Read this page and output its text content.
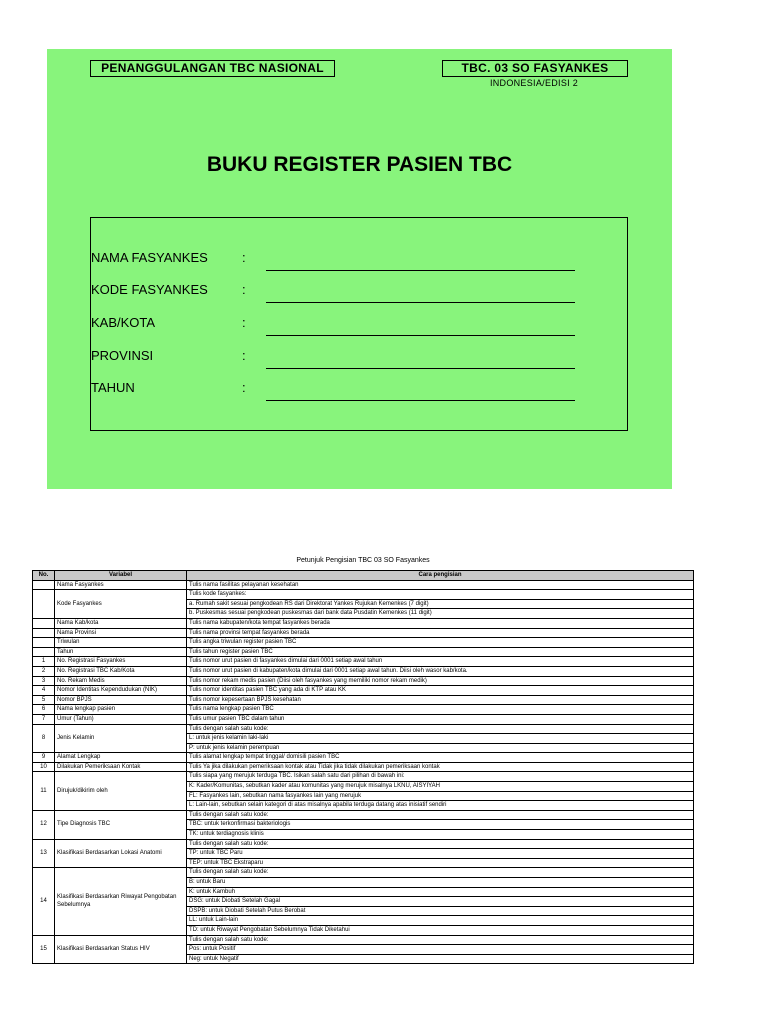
PENANGGULANGAN TBC NASIONAL	TBC. 03 SO FASYANKES
INDONESIA/EDISI 2
BUKU REGISTER PASIEN TBC
NAMA FASYANKES	:
KODE FASYANKES	:
KAB/KOTA	:
PROVINSI	:
TAHUN	:
Petunjuk Pengisian TBC 03 SO Fasyankes
No.	Variabel	Cara pengisian
	Nama Fasyankes	Tulis nama fasilitas pelayanan kesehatan
	Kode Fasyankes	Tulis kode fasyankes:
		a. Rumah sakit sesuai pengkodean RS dari Direktorat Yankes Rujukan Kemenkes (7 digit)
		b. Puskesmas sesuai pengkodean puskesmas dari bank data Pusdatin Kemenkes (11 digit)
	Nama Kab/kota	Tulis nama kabupaten/kota tempat fasyankes berada
	Nama Provinsi	Tulis nama provinsi tempat fasyankes berada
	Triwulan	Tulis angka triwulan register pasien TBC
	Tahun	Tulis tahun register pasien TBC
1	No. Registrasi Fasyankes	Tulis nomor urut pasien di fasyankes dimulai dari 0001 setiap awal tahun
2	No. Registrasi TBC Kab/Kota	Tulis nomor urut pasien di kabupaten/kota dimulai dari 0001 setiap awal tahun. Diisi oleh wasor kab/kota.
3	No. Rekam Medis	Tulis nomor rekam medis pasien (Diisi oleh fasyankes yang memiliki nomor rekam medik)
4	Nomor Identitas Kependudukan (NIK)	Tulis nomor identitas pasien TBC yang ada di KTP atau KK
5	Nomor BPJS	Tulis nomor kepesertaan BPJS kesehatan
6	Nama lengkap pasien	Tulis nama lengkap pasien TBC
7	Umur (Tahun)	Tulis umur pasien TBC dalam tahun
8	Jenis Kelamin	Tulis dengan salah satu kode:
		L: untuk jenis kelamin laki-laki
		P: untuk jenis kelamin perempuan
9	Alamat Lengkap	Tulis alamat lengkap tempat tinggal/ domisili pasien TBC
10	Dilakukan Pemeriksaan Kontak	Tulis Ya jika dilakukan pemeriksaan kontak atau Tidak jika tidak dilakukan pemeriksaan kontak
11	Dirujuk/dikirim oleh	Tulis siapa yang merujuk terduga TBC. Isikan salah satu dari pilihan di bawah ini:
		K: Kader/Komunitas, sebutkan kader atau komunitas yang merujuk misalnya LKNU, AISYIYAH
		FL: Fasyankes lain, sebutkan nama fasyankes lain yang merujuk
		L: Lain-lain, sebutkan selain kategori di atas misalnya apabila terduga datang atas inisiatif sendiri
12	Tipe Diagnosis TBC	Tulis dengan salah satu kode:
		TBC: untuk terkonfirmasi bakteriologis
		TK: untuk terdiagnosis klinis
13	Klasifikasi Berdasarkan Lokasi Anatomi	Tulis dengan salah satu kode:
		TP: untuk TBC Paru
		TEP: untuk TBC Ekstraparu
14	Klasifikasi Berdasarkan Riwayat Pengobatan Sebelumnya	Tulis dengan salah satu kode:
		B: untuk Baru
		K: untuk Kambuh
		DSG: untuk Diobati Setelah Gagal
		DSPB: untuk Diobati Setelah Putus Berobat
		LL: untuk Lain-lain
		TD: untuk Riwayat Pengobatan Sebelumnya Tidak Diketahui
15	Klasifikasi Berdasarkan Status HIV	Tulis dengan salah satu kode:
		Pos: untuk Positif
		Neg: untuk Negatif
